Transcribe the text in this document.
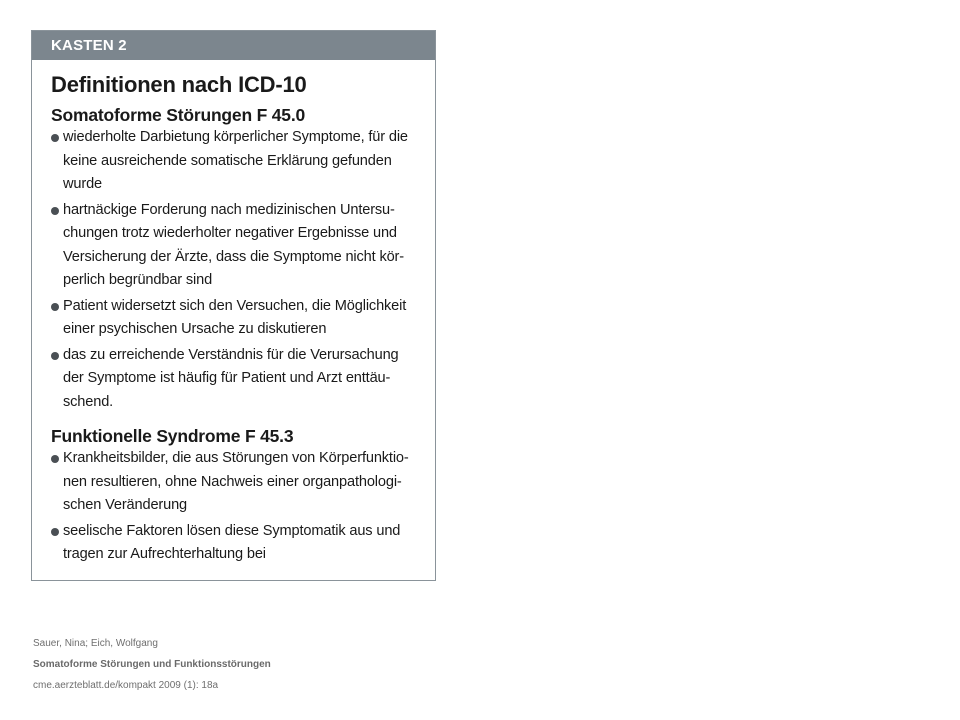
KASTEN 2
Definitionen nach ICD-10
Somatoforme Störungen F 45.0
wiederholte Darbietung körperlicher Symptome, für die keine ausreichende somatische Erklärung gefunden wurde
hartnäckige Forderung nach medizinischen Untersu-chungen trotz wiederholter negativer Ergebnisse und Versicherung der Ärzte, dass die Symptome nicht kör-perlich begründbar sind
Patient widersetzt sich den Versuchen, die Möglichkeit einer psychischen Ursache zu diskutieren
das zu erreichende Verständnis für die Verursachung der Symptome ist häufig für Patient und Arzt enttäu-schend.
Funktionelle Syndrome F 45.3
Krankheitsbilder, die aus Störungen von Körperfunktio-nen resultieren, ohne Nachweis einer organpathologi-schen Veränderung
seelische Faktoren lösen diese Symptomatik aus und tragen zur Aufrechterhaltung bei
Sauer, Nina; Eich, Wolfgang
Somatoforme Störungen und Funktionsstörungen
cme.aerzteblatt.de/kompakt 2009 (1): 18a
